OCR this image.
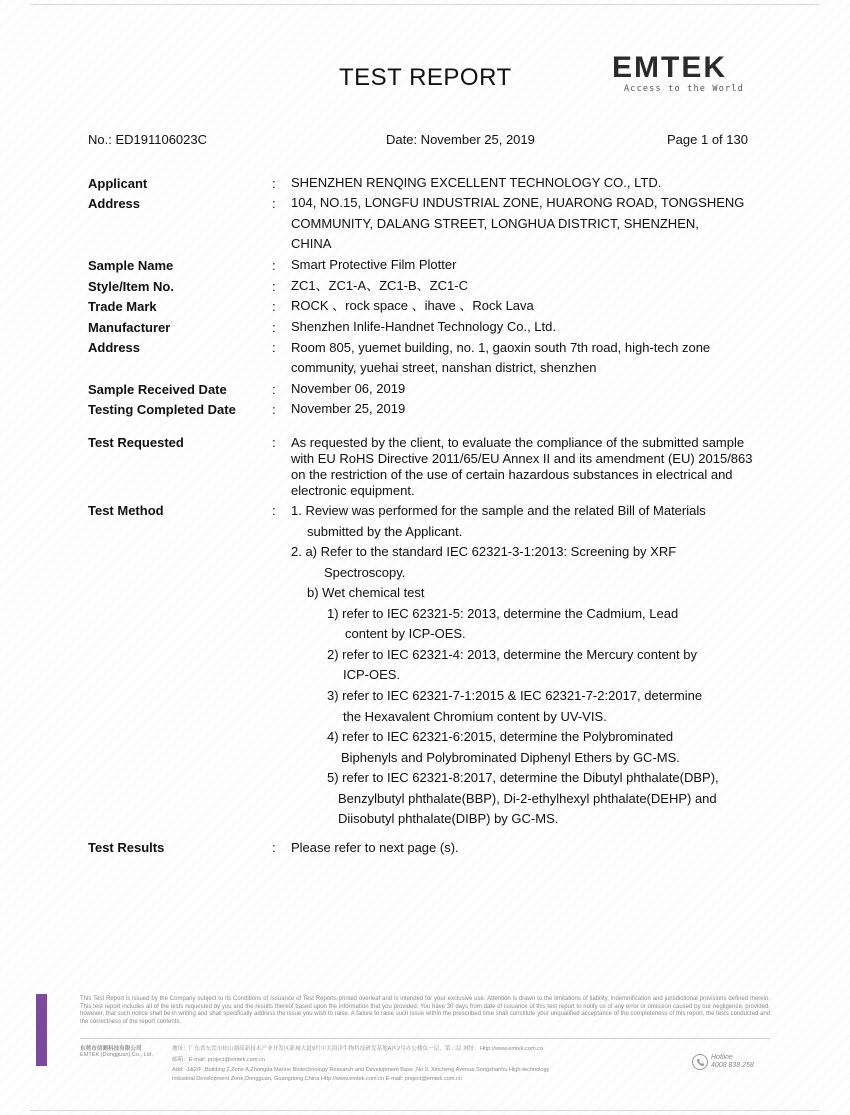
TEST REPORT	EMTEK
Access to the World
No.: ED191106023C	Date: November 25, 2019	Page 1 of 130
Applicant	: SHENZHEN RENQING EXCELLENT TECHNOLOGY CO., LTD.
Address	: 104, NO.15, LONGFU INDUSTRIAL ZONE, HUARONG ROAD, TONGSHENG
COMMUNITY, DALANG STREET, LONGHUA DISTRICT, SHENZHEN,
CHINA
Sample Name	: Smart Protective Film Plotter
Style/Item No.	: ZC1、ZC1-A、ZC1-B、ZC1-C
Trade Mark	: ROCK 、rock space 、ihave 、Rock Lava
Manufacturer	: Shenzhen Inlife-Handnet Technology Co., Ltd.
Address	: Room 805, yuemet building, no. 1, gaoxin south 7th road, high-tech zone
community, yuehai street, nanshan district, shenzhen
Sample Received Date	: November 06, 2019
Testing Completed Date	: November 25, 2019
Test Requested	: As requested by the client, to evaluate the compliance of the submitted sample with EU RoHS Directive 2011/65/EU Annex II and its amendment (EU) 2015/863 on the restriction of the use of certain hazardous substances in electrical and electronic equipment.
Test Method	: 1. Review was performed for the sample and the related Bill of Materials
submitted by the Applicant.
2. a) Refer to the standard IEC 62321-3-1:2013: Screening by XRF
Spectroscopy.
b) Wet chemical test
1) refer to IEC 62321-5: 2013, determine the Cadmium, Lead
content by ICP-OES.
2) refer to IEC 62321-4: 2013, determine the Mercury content by
ICP-OES.
3) refer to IEC 62321-7-1:2015 & IEC 62321-7-2:2017, determine
the Hexavalent Chromium content by UV-VIS.
4) refer to IEC 62321-6:2015, determine the Polybrominated
Biphenyls and Polybrominated Diphenyl Ethers by GC-MS.
5) refer to IEC 62321-8:2017, determine the Dibutyl phthalate(DBP),
Benzylbutyl phthalate(BBP), Di-2-ethylhexyl phthalate(DEHP) and
Diisobutyl phthalate(DIBP) by GC-MS.
Test Results	: Please refer to next page (s).
This Test Report is issued by the Company subject to its Conditions of Issuance of Test Reports printed overleaf and is intended for your exclusive use. Attention is drawn to the limitations of liability, indemnification and jurisdictional provisions defined therein. This test report includes all of the tests requested by you and the results thereof based upon the information that you provided. You have 30 days from date of issuance of this test report to notify us of any error or omission caused by our negligence, provided, however, that such notice shall be in writing and shall specifically address the issue you wish to raise. A failure to raise such issue within the prescribed time shall constitute your unqualified acceptance of the completeness of this report, the tests conducted and the correctness of the report contents.
东莞市信测科技有限公司
EMTEK (Dongguan) Co., Ltd.
地址：广东省东莞市松山湖高新技术产业开发区新城大道9号中大海洋生物科技研发基地A区2号办公楼负一层，第二层 网址：Http://www.emtek.com.cn
邮箱：E-mail: project@emtek.com.cn
Add: -1&2/F ,Building 2,Zone A,Zhongda Marine Biotechnology Research and Development Base ,No.9, Xincheng Avenue,Songshanhu High-technology
Industrial Development Zone,Dongguan, Guangdong,China Http://www.emtek.com.cn E-mail: project@emtek.com.cn
Hotline
4008 838 258
